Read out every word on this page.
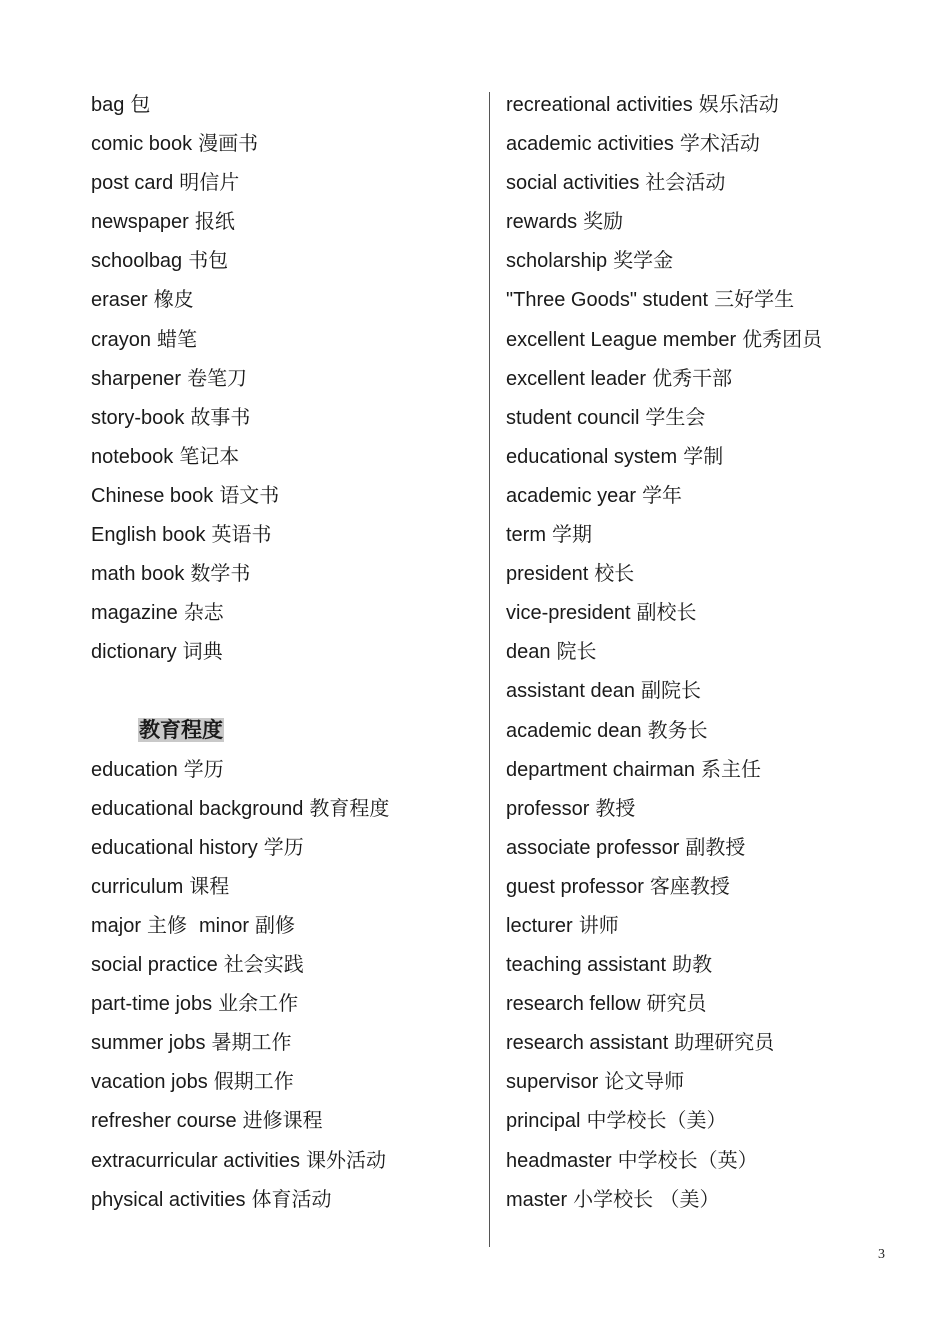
bag 包
comic book 漫画书
post card 明信片
newspaper 报纸
schoolbag 书包
eraser 橡皮
crayon 蜡笔
sharpener 卷笔刀
story-book 故事书
notebook 笔记本
Chinese book 语文书
English book 英语书
math book 数学书
magazine 杂志
dictionary 词典
教育程度
education 学历
educational background 教育程度
educational history 学历
curriculum 课程
major 主修 minor 副修
social practice 社会实践
part-time jobs 业余工作
summer jobs 暑期工作
vacation jobs 假期工作
refresher course 进修课程
extracurricular activities 课外活动
physical activities 体育活动
recreational activities 娱乐活动
academic activities 学术活动
social activities 社会活动
rewards 奖励
scholarship 奖学金
"Three Goods" student 三好学生
excellent League member 优秀团员
excellent leader 优秀干部
student council 学生会
educational system 学制
academic year 学年
term 学期
president 校长
vice-president 副校长
dean 院长
assistant dean 副院长
academic dean 教务长
department chairman 系主任
professor 教授
associate professor 副教授
guest professor 客座教授
lecturer 讲师
teaching assistant 助教
research fellow 研究员
research assistant 助理研究员
supervisor 论文导师
principal 中学校长（美）
headmaster 中学校长（英）
master 小学校长 （美）
3
